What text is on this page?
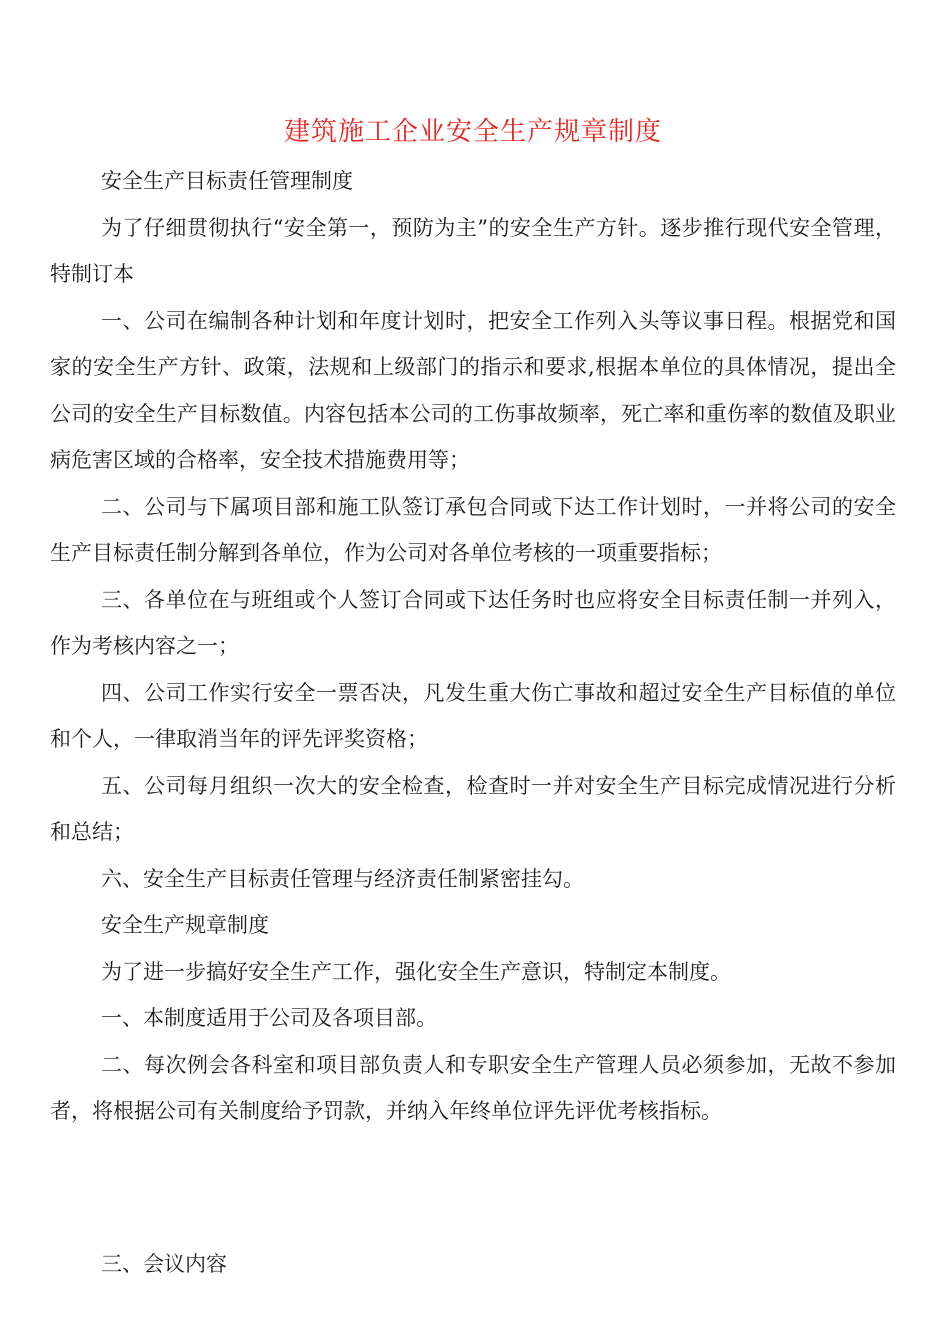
建筑施工企业安全生产规章制度

安全生产目标责任管理制度

为了仔细贯彻执行“安全第一，预防为主”的安全生产方针。逐步推行现代安全管理，特制订本

一、公司在编制各种计划和年度计划时，把安全工作列入头等议事日程。根据党和国家的安全生产方针、政策，法规和上级部门的指示和要求,根据本单位的具体情况，提出全公司的安全生产目标数值。内容包括本公司的工伤事故频率，死亡率和重伤率的数值及职业病危害区域的合格率，安全技术措施费用等；

二、公司与下属项目部和施工队签订承包合同或下达工作计划时，一并将公司的安全生产目标责任制分解到各单位，作为公司对各单位考核的一项重要指标；

三、各单位在与班组或个人签订合同或下达任务时也应将安全目标责任制一并列入，作为考核内容之一；

四、公司工作实行安全一票否决，凡发生重大伤亡事故和超过安全生产目标值的单位和个人，一律取消当年的评先评奖资格；

五、公司每月组织一次大的安全检查，检查时一并对安全生产目标完成情况进行分析和总结；

六、安全生产目标责任管理与经济责任制紧密挂勾。

安全生产规章制度

为了进一步搞好安全生产工作，强化安全生产意识，特制定本制度。

一、本制度适用于公司及各项目部。

二、每次例会各科室和项目部负责人和专职安全生产管理人员必须参加，无故不参加者，将根据公司有关制度给予罚款，并纳入年终单位评先评优考核指标。

三、会议内容
